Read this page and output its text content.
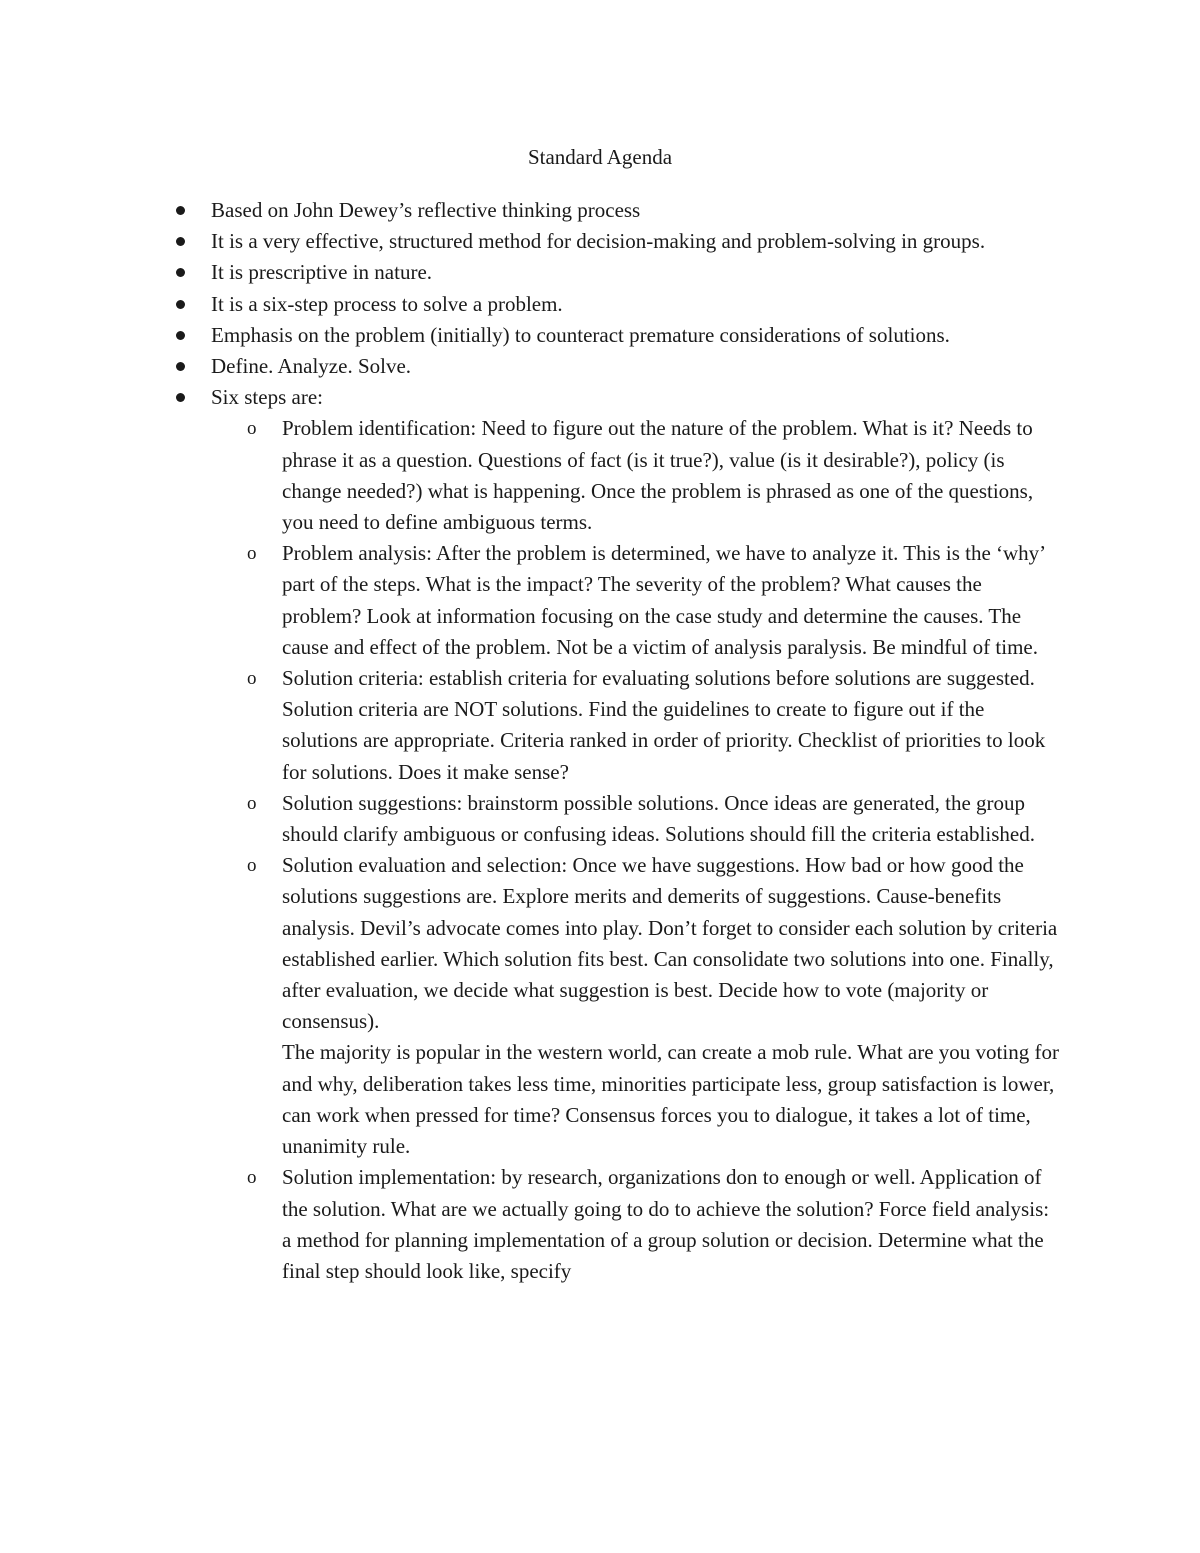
Standard Agenda
Based on John Dewey’s reflective thinking process
It is a very effective, structured method for decision-making and problem-solving in groups.
It is prescriptive in nature.
It is a six-step process to solve a problem.
Emphasis on the problem (initially) to counteract premature considerations of solutions.
Define. Analyze. Solve.
Six steps are:
o Problem identification: Need to figure out the nature of the problem. What is it? Needs to phrase it as a question. Questions of fact (is it true?), value (is it desirable?), policy (is change needed?) what is happening. Once the problem is phrased as one of the questions, you need to define ambiguous terms.
o Problem analysis: After the problem is determined, we have to analyze it. This is the ‘why’ part of the steps. What is the impact? The severity of the problem? What causes the problem? Look at information focusing on the case study and determine the causes. The cause and effect of the problem. Not be a victim of analysis paralysis. Be mindful of time.
o Solution criteria: establish criteria for evaluating solutions before solutions are suggested. Solution criteria are NOT solutions. Find the guidelines to create to figure out if the solutions are appropriate. Criteria ranked in order of priority. Checklist of priorities to look for solutions. Does it make sense?
o Solution suggestions: brainstorm possible solutions. Once ideas are generated, the group should clarify ambiguous or confusing ideas. Solutions should fill the criteria established.
o Solution evaluation and selection: Once we have suggestions. How bad or how good the solutions suggestions are. Explore merits and demerits of suggestions. Cause-benefits analysis. Devil’s advocate comes into play. Don’t forget to consider each solution by criteria established earlier. Which solution fits best. Can consolidate two solutions into one. Finally, after evaluation, we decide what suggestion is best. Decide how to vote (majority or consensus).
The majority is popular in the western world, can create a mob rule. What are you voting for and why, deliberation takes less time, minorities participate less, group satisfaction is lower, can work when pressed for time? Consensus forces you to dialogue, it takes a lot of time, unanimity rule.
o Solution implementation: by research, organizations don to enough or well. Application of the solution. What are we actually going to do to achieve the solution? Force field analysis: a method for planning implementation of a group solution or decision. Determine what the final step should look like, specify
